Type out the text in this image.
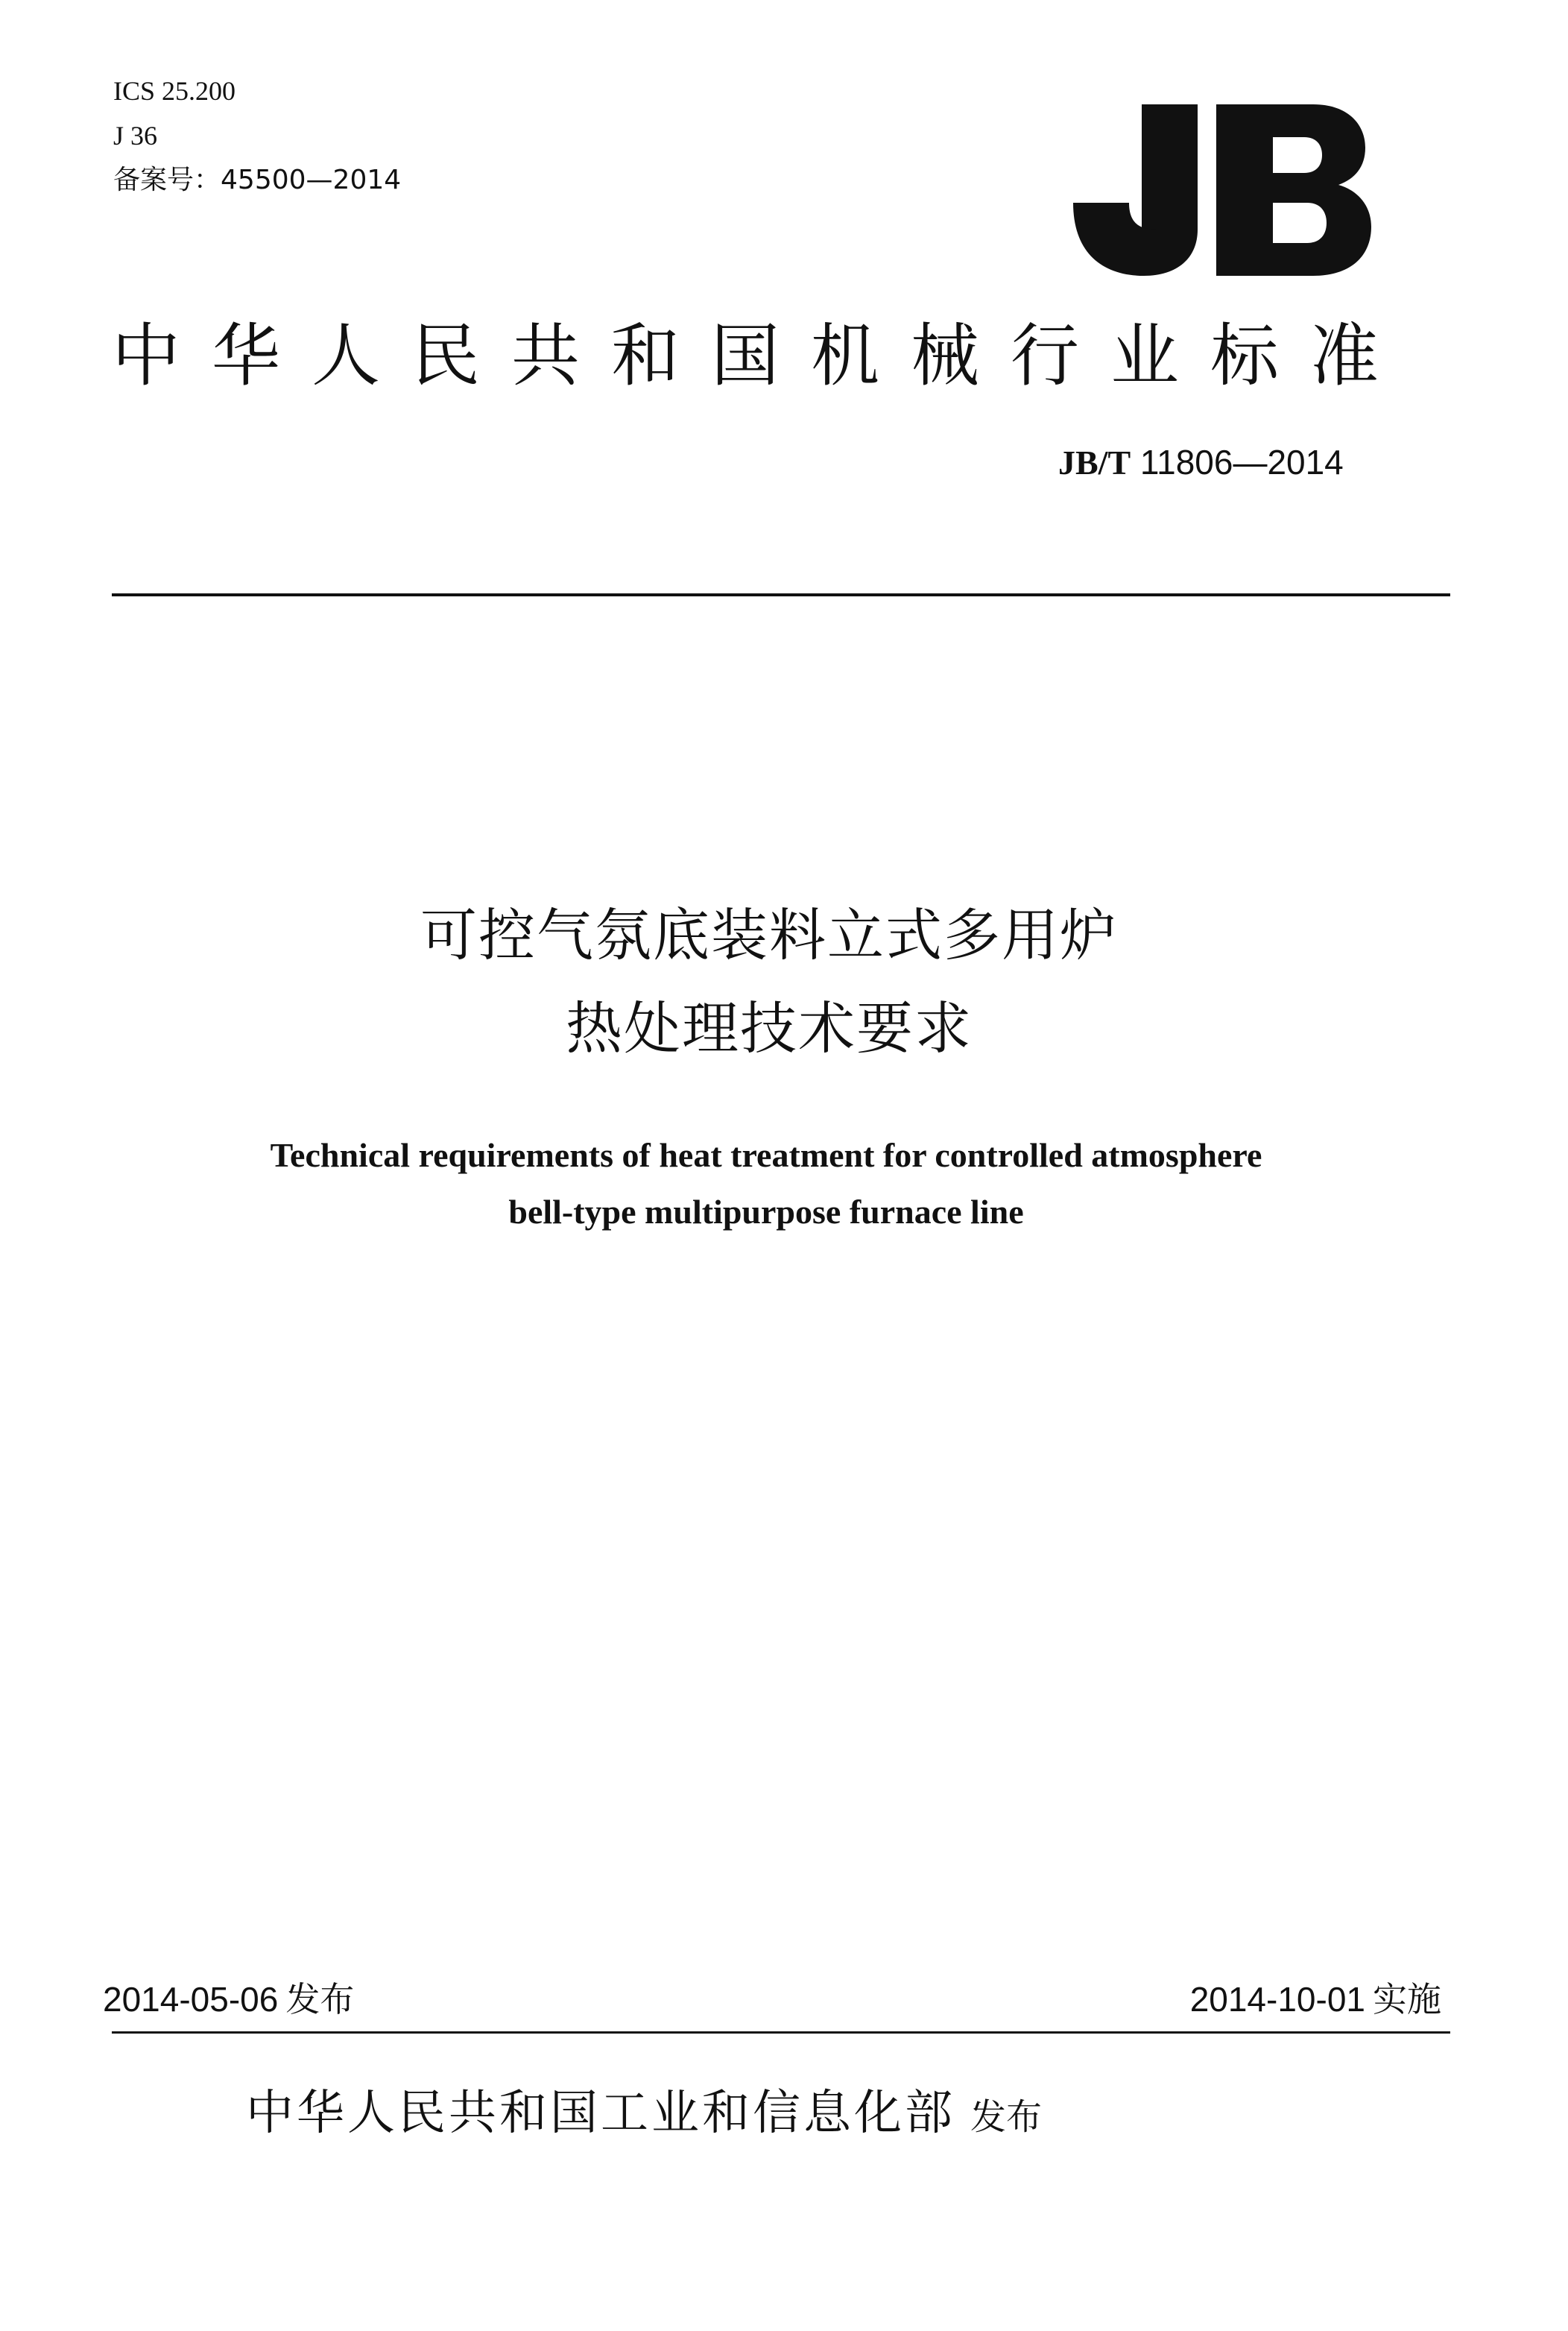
ICS 25.200
J 36
备案号：45500—2014
中华人民共和国机械行业标准
JB/T 11806—2014
可控气氛底装料立式多用炉
热处理技术要求
Technical requirements of heat treatment for controlled atmosphere
bell-type multipurpose furnace line
2014-05-06 发布	2014-10-01 实施
中华人民共和国工业和信息化部 发布
